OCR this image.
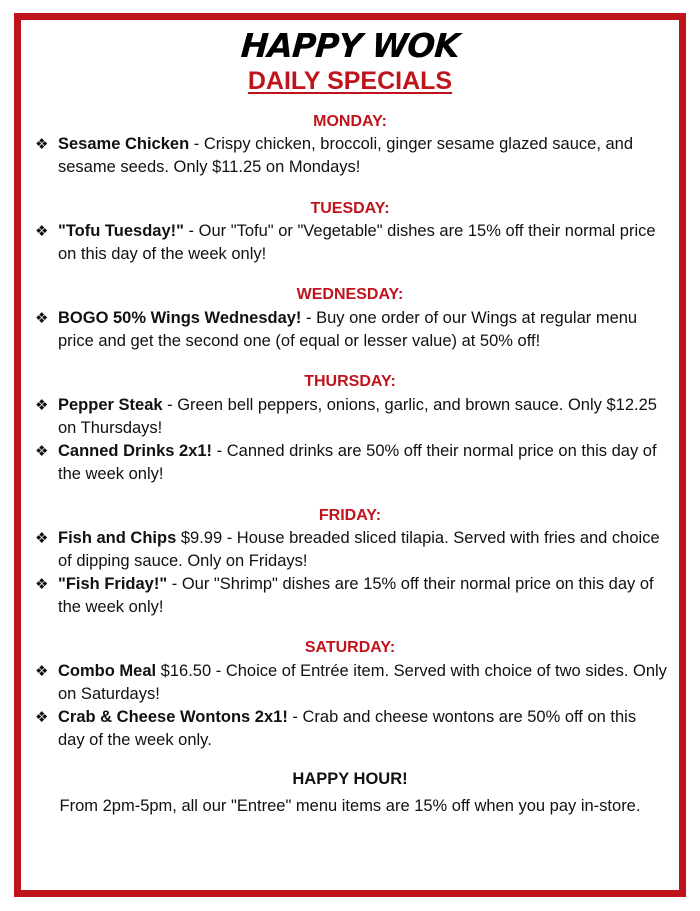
HAPPY WOK
DAILY SPECIALS
MONDAY:
❖ Sesame Chicken - Crispy chicken, broccoli, ginger sesame glazed sauce, and sesame seeds. Only $11.25 on Mondays!
TUESDAY:
❖ "Tofu Tuesday!" - Our "Tofu" or "Vegetable" dishes are 15% off their normal price on this day of the week only!
WEDNESDAY:
❖ BOGO 50% Wings Wednesday! - Buy one order of our Wings at regular menu price and get the second one (of equal or lesser value) at 50% off!
THURSDAY:
❖ Pepper Steak - Green bell peppers, onions, garlic, and brown sauce. Only $12.25 on Thursdays!
❖ Canned Drinks 2x1! - Canned drinks are 50% off their normal price on this day of the week only!
FRIDAY:
❖ Fish and Chips $9.99 - House breaded sliced tilapia. Served with fries and choice of dipping sauce. Only on Fridays!
❖ "Fish Friday!" - Our "Shrimp" dishes are 15% off their normal price on this day of the week only!
SATURDAY:
❖ Combo Meal $16.50 - Choice of Entrée item. Served with choice of two sides. Only on Saturdays!
❖ Crab & Cheese Wontons 2x1! - Crab and cheese wontons are 50% off on this day of the week only.
HAPPY HOUR!
From 2pm-5pm, all our "Entree" menu items are 15% off when you pay in-store.
